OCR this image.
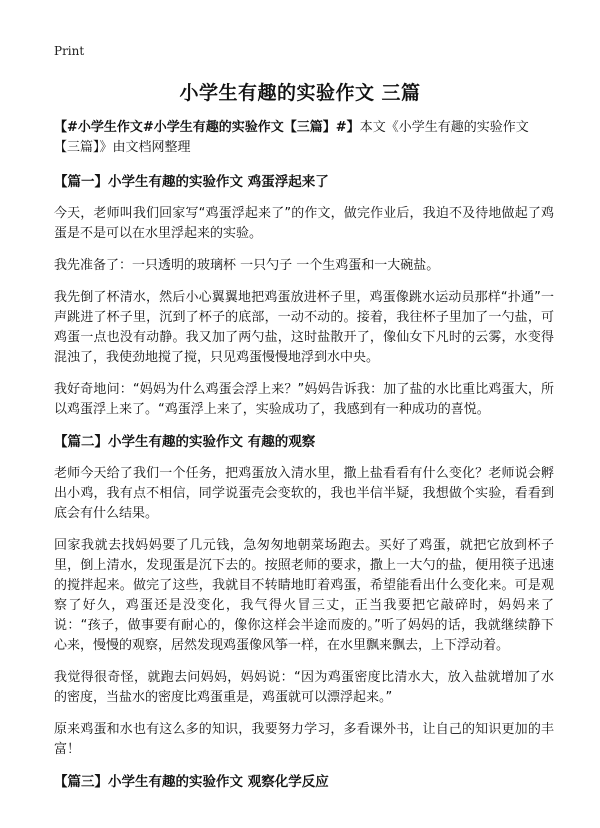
Print
小学生有趣的实验作文 三篇
【#小学生作文#小学生有趣的实验作文【三篇】#】本文《小学生有趣的实验作文【三篇】》由文档网整理
【篇一】小学生有趣的实验作文 鸡蛋浮起来了
今天，老师叫我们回家写“鸡蛋浮起来了”的作文，做完作业后，我迫不及待地做起了鸡蛋是不是可以在水里浮起来的实验。
我先准备了：一只透明的玻璃杯 一只勺子 一个生鸡蛋和一大碗盐。
我先倒了杯清水，然后小心翼翼地把鸡蛋放进杯子里，鸡蛋像跳水运动员那样“扑通”一声跳进了杯子里，沉到了杯子的底部，一动不动的。接着，我往杯子里加了一勺盐，可鸡蛋一点也没有动静。我又加了两勺盐，这时盐散开了，像仙女下凡时的云雾，水变得混浊了，我使劲地搅了搅，只见鸡蛋慢慢地浮到水中央。
我好奇地问：“妈妈为什么鸡蛋会浮上来？”妈妈告诉我：加了盐的水比重比鸡蛋大，所以鸡蛋浮上来了。“鸡蛋浮上来了，实验成功了，我感到有一种成功的喜悦。
【篇二】小学生有趣的实验作文 有趣的观察
老师今天给了我们一个任务，把鸡蛋放入清水里，撒上盐看看有什么变化？老师说会孵出小鸡，我有点不相信，同学说蛋壳会变软的，我也半信半疑，我想做个实验，看看到底会有什么结果。
回家我就去找妈妈要了几元钱，急匆匆地朝菜场跑去。买好了鸡蛋，就把它放到杯子里，倒上清水，发现蛋是沉下去的。按照老师的要求，撒上一大勺的盐，便用筷子迅速的搅拌起来。做完了这些，我就目不转睛地盯着鸡蛋，希望能看出什么变化来。可是观察了好久，鸡蛋还是没变化，我气得火冒三丈，正当我要把它敲碎时，妈妈来了说：“孩子，做事要有耐心的，像你这样会半途而废的。”听了妈妈的话，我就继续静下心来，慢慢的观察，居然发现鸡蛋像风筝一样，在水里飘来飘去，上下浮动着。
我觉得很奇怪，就跑去问妈妈，妈妈说：“因为鸡蛋密度比清水大，放入盐就增加了水的密度，当盐水的密度比鸡蛋重是，鸡蛋就可以漂浮起来。”
原来鸡蛋和水也有这么多的知识，我要努力学习，多看课外书，让自己的知识更加的丰富！
【篇三】小学生有趣的实验作文 观察化学反应
